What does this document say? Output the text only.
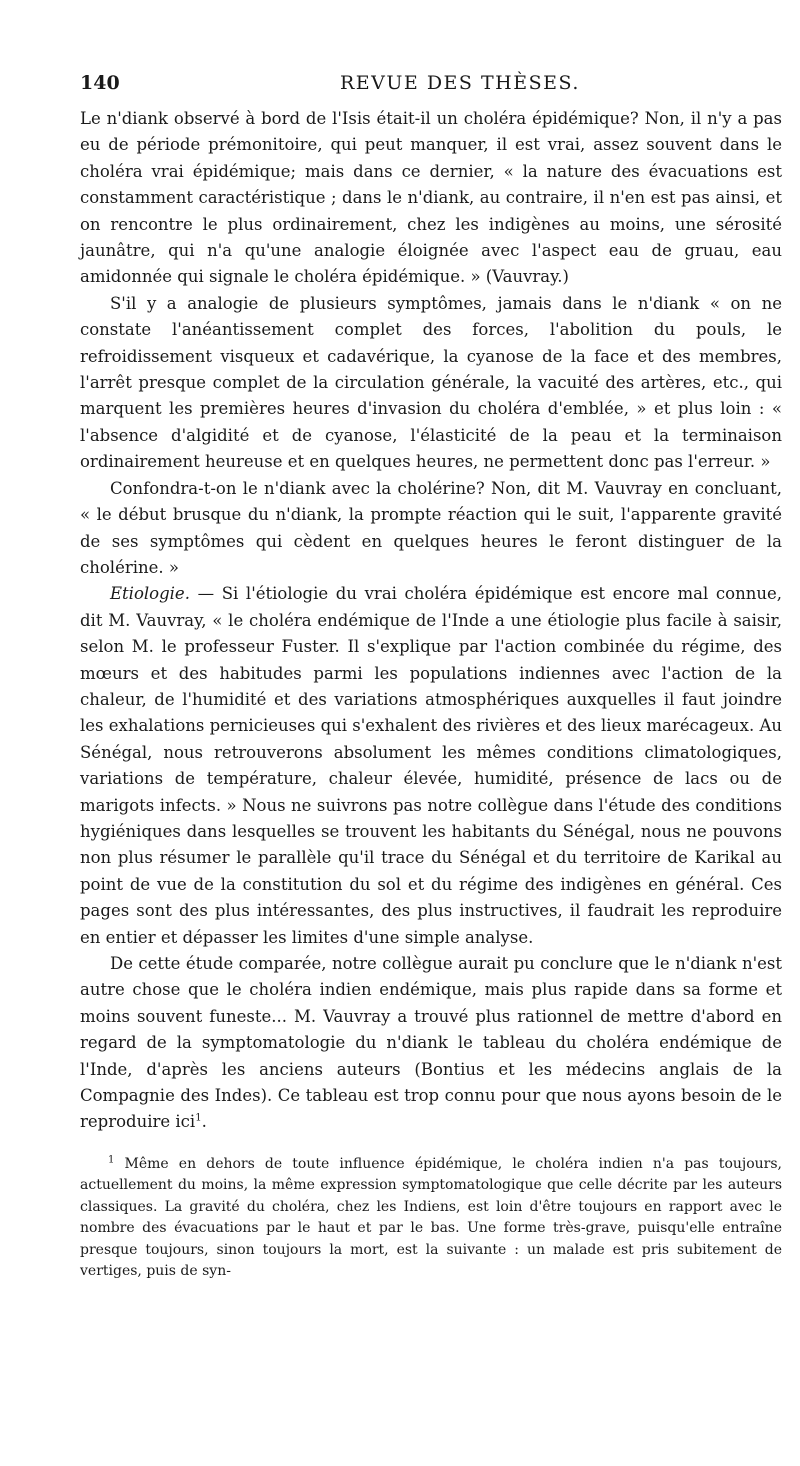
140	REVUE DES THÈSES.

Le n'diank observé à bord de l'Isis était-il un choléra épidémique? Non, il n'y a pas eu de période prémonitoire, qui peut manquer, il est vrai, assez souvent dans le choléra vrai épidémique; mais dans ce dernier, « la nature des évacuations est constamment caractéristique ; dans le n'diank, au contraire, il n'en est pas ainsi, et on rencontre le plus ordinairement, chez les indigènes au moins, une sérosité jaunâtre, qui n'a qu'une analogie éloignée avec l'aspect eau de gruau, eau amidonnée qui signale le choléra épidémique. » (Vauvray.)

S'il y a analogie de plusieurs symptômes, jamais dans le n'diank « on ne constate l'anéantissement complet des forces, l'abolition du pouls, le refroidissement visqueux et cadavérique, la cyanose de la face et des membres, l'arrêt presque complet de la circulation générale, la vacuité des artères, etc., qui marquent les premières heures d'invasion du choléra d'emblée, » et plus loin : « l'absence d'algidité et de cyanose, l'élasticité de la peau et la terminaison ordinairement heureuse et en quelques heures, ne permettent donc pas l'erreur. »

Confondra-t-on le n'diank avec la cholérine? Non, dit M. Vauvray en concluant, « le début brusque du n'diank, la prompte réaction qui le suit, l'apparente gravité de ses symptômes qui cèdent en quelques heures le feront distinguer de la cholérine. »

Etiologie. — Si l'étiologie du vrai choléra épidémique est encore mal connue, dit M. Vauvray, « le choléra endémique de l'Inde a une étiologie plus facile à saisir, selon M. le professeur Fuster. Il s'explique par l'action combinée du régime, des mœurs et des habitudes parmi les populations indiennes avec l'action de la chaleur, de l'humidité et des variations atmosphériques auxquelles il faut joindre les exhalations pernicieuses qui s'exhalent des rivières et des lieux marécageux. Au Sénégal, nous retrouverons absolument les mêmes conditions climatologiques, variations de température, chaleur élevée, humidité, présence de lacs ou de marigots infects. » Nous ne suivrons pas notre collègue dans l'étude des conditions hygiéniques dans lesquelles se trouvent les habitants du Sénégal, nous ne pouvons non plus résumer le parallèle qu'il trace du Sénégal et du territoire de Karikal au point de vue de la constitution du sol et du régime des indigènes en général. Ces pages sont des plus intéressantes, des plus instructives, il faudrait les reproduire en entier et dépasser les limites d'une simple analyse.

De cette étude comparée, notre collègue aurait pu conclure que le n'diank n'est autre chose que le choléra indien endémique, mais plus rapide dans sa forme et moins souvent funeste... M. Vauvray a trouvé plus rationnel de mettre d'abord en regard de la symptomatologie du n'diank le tableau du choléra endémique de l'Inde, d'après les anciens auteurs (Bontius et les médecins anglais de la Compagnie des Indes). Ce tableau est trop connu pour que nous ayons besoin de le reproduire ici$^1$.

$^1$ Même en dehors de toute influence épidémique, le choléra indien n'a pas toujours, actuellement du moins, la même expression symptomatologique que celle décrite par les auteurs classiques. La gravité du choléra, chez les Indiens, est loin d'être toujours en rapport avec le nombre des évacuations par le haut et par le bas. Une forme très-grave, puisqu'elle entraîne presque toujours, sinon toujours la mort, est la suivante : un malade est pris subitement de vertiges, puis de syn-
